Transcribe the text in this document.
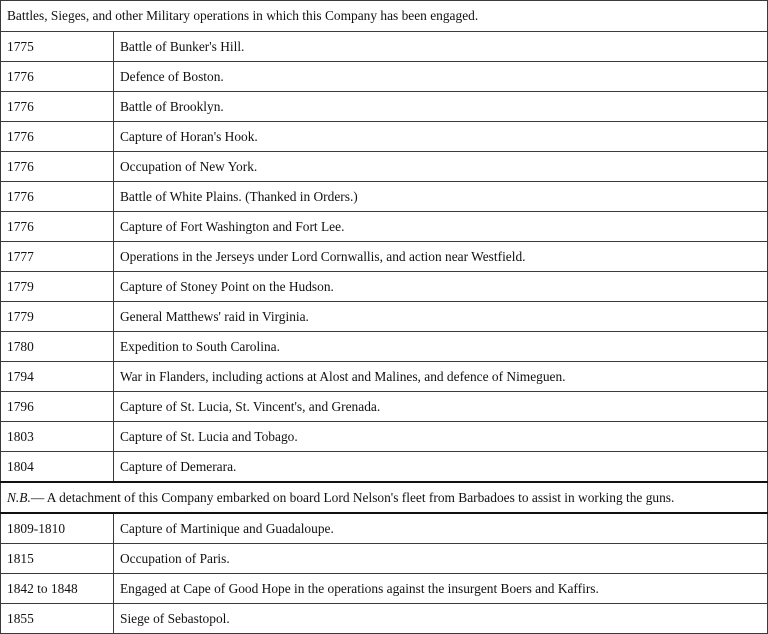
Battles, Sieges, and other Military operations in which this Company has been engaged.	
1775	Battle of Bunker's Hill.
1776	Defence of Boston.
1776	Battle of Brooklyn.
1776	Capture of Horan's Hook.
1776	Occupation of New York.
1776	Battle of White Plains. (Thanked in Orders.)
1776	Capture of Fort Washington and Fort Lee.
1777	Operations in the Jerseys under Lord Cornwallis, and action near Westfield.
1779	Capture of Stoney Point on the Hudson.
1779	General Matthews' raid in Virginia.
1780	Expedition to South Carolina.
1794	War in Flanders, including actions at Alost and Malines, and defence of Nimeguen.
1796	Capture of St. Lucia, St. Vincent's, and Grenada.
1803	Capture of St. Lucia and Tobago.
1804	Capture of Demerara.
N.B.— A detachment of this Company embarked on board Lord Nelson's fleet from Barbadoes to assist in working the guns.	
1809-1810	Capture of Martinique and Guadaloupe.
1815	Occupation of Paris.
1842 to 1848	Engaged at Cape of Good Hope in the operations against the insurgent Boers and Kaffirs.
1855	Siege of Sebastopol.
